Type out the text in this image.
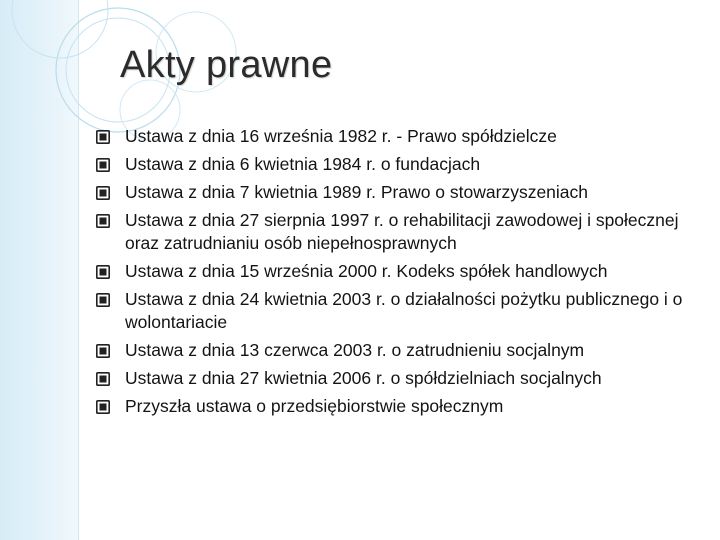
Akty prawne
Ustawa z dnia 16 września 1982 r. - Prawo spółdzielcze
Ustawa z dnia 6 kwietnia 1984 r. o fundacjach
Ustawa z dnia 7 kwietnia 1989 r. Prawo o stowarzyszeniach
Ustawa z dnia 27 sierpnia 1997 r. o rehabilitacji zawodowej i społecznej oraz zatrudnianiu osób niepełnosprawnych
Ustawa z dnia 15 września 2000 r. Kodeks spółek handlowych
Ustawa z dnia 24 kwietnia 2003 r. o działalności pożytku publicznego i o wolontariacie
Ustawa z dnia 13 czerwca 2003 r. o zatrudnieniu socjalnym
Ustawa z dnia 27 kwietnia 2006 r. o spółdzielniach socjalnych
Przyszła ustawa o przedsiębiorstwie społecznym
